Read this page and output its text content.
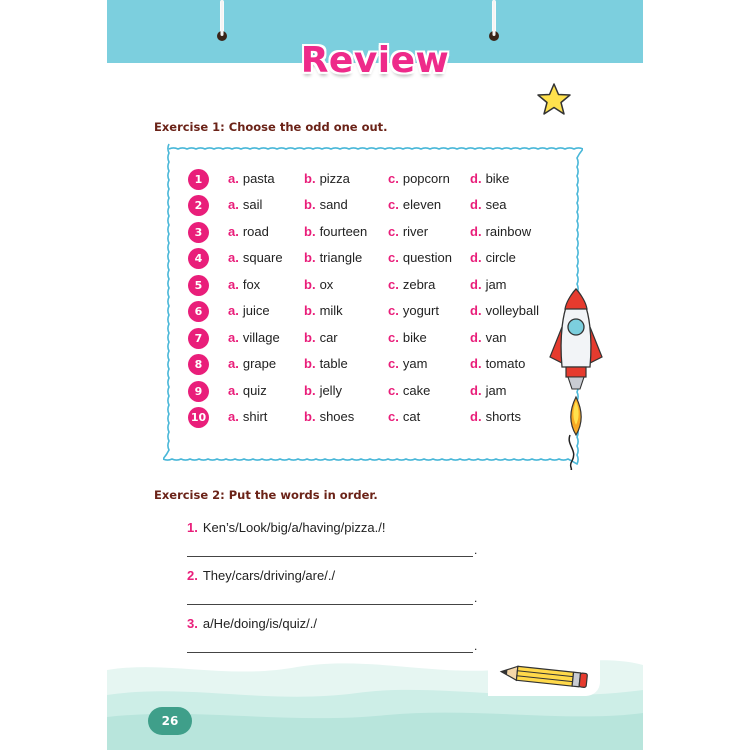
Review
Exercise 1: Choose the odd one out.
1	a. pasta b. pizza	c. popcorn d. bike
2	a. sail	b. sand	c. eleven d. sea
3	a. road	b. fourteen c. river	d. rainbow
4	a. square b. triangle c. question d. circle
5	a. fox	b. ox	c. zebra	d. jam
6	a. juice	b. milk	c. yogurt d. volleyball
7	a. village b. car	c. bike	d. van
8	a. grape b. table	c. yam	d. tomato
9	a. quiz	b. jelly	c. cake	d. jam
10 a. shirt	b. shoes	c. cat	d. shorts
Exercise 2: Put the words in order.
1. Ken’s/Look/big/a/having/pizza./!
.
2. They/cars/driving/are/./
.
3. a/He/doing/is/quiz/./
.
26
